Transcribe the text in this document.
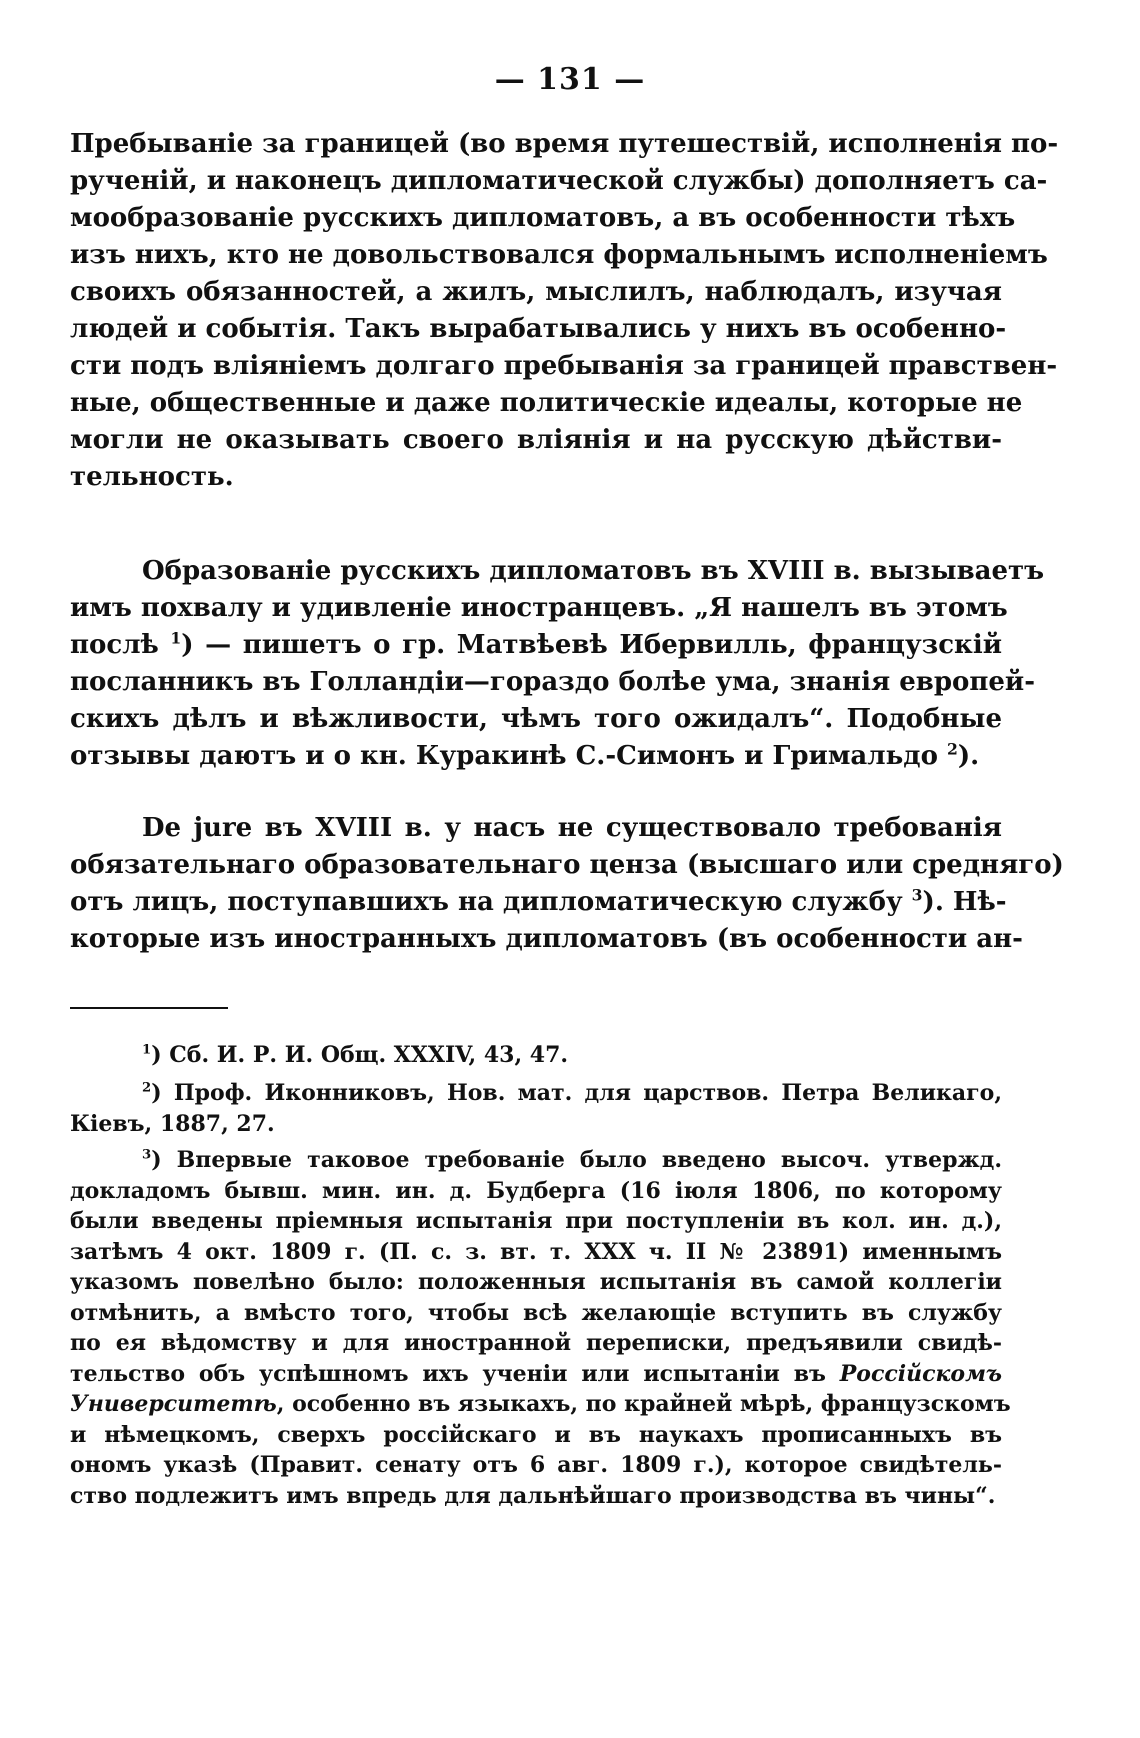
— 131 —
Пребываніе за границей (во время путешествій, исполненія по-
рученій, и наконецъ дипломатической службы) дополняетъ са-
мообразованіе русскихъ дипломатовъ, а въ особенности тѣхъ
изъ нихъ, кто не довольствовался формальнымъ исполненіемъ
своихъ обязанностей, а жилъ, мыслилъ, наблюдалъ, изучая
людей и событія. Такъ вырабатывались у нихъ въ особенно-
сти подъ вліяніемъ долгаго пребыванія за границей правствен-
ные, общественные и даже политическіе идеалы, которые не
могли не оказывать своего вліянія и на русскую дѣйстви-
тельность.
Образованіе русскихъ дипломатовъ въ XVIII в. вызываетъ
имъ похвалу и удивленіе иностранцевъ. „Я нашелъ въ этомъ
послѣ $^1$) — пишетъ о гр. Матвѣевѣ Ибервилль, французскій
посланникъ въ Голландіи—гораздо болѣе ума, знанія европей-
скихъ дѣлъ и вѣжливости, чѣмъ того ожидалъ“. Подобные
отзывы даютъ и о кн. Куракинѣ С.-Симонъ и Гримальдо $^2$).
De jure въ XVIII в. у насъ не существовало требованія
обязательнаго образовательнаго ценза (высшаго или средняго)
отъ лицъ, поступавшихъ на дипломатическую службу $^3$). Нѣ-
которые изъ иностранныхъ дипломатовъ (въ особенности ан-
$^1$) Сб. И. Р. И. Общ. XXXIV, 43, 47.
$^2$) Проф. Иконниковъ, Нов. мат. для царствов. Петра Великаго,
Кіевъ, 1887, 27.
$^3$) Впервые таковое требованіе было введено высоч. утвержд.
докладомъ бывш. мин. ин. д. Будберга (16 іюля 1806, по которому
были введены пріемныя испытанія при поступленіи въ кол. ин. д.),
затѣмъ 4 окт. 1809 г. (П. с. з. вт. т. XXX ч. II № 23891) именнымъ
указомъ повелѣно было: положенныя испытанія въ самой коллегіи
отмѣнить, а вмѣсто того, чтобы всѣ желающіе вступить въ службу
по ея вѣдомству и для иностранной переписки, предъявили свидѣ-
тельство объ успѣшномъ ихъ ученіи или испытаніи въ Россійскомъ
Университетѣ, особенно въ языкахъ, по крайней мѣрѣ, французскомъ
и нѣмецкомъ, сверхъ россійскаго и въ наукахъ прописанныхъ въ
ономъ указѣ (Правит. сенату отъ 6 авг. 1809 г.), которое свидѣтель-
ство подлежитъ имъ впредь для дальнѣйшаго производства въ чины“.
